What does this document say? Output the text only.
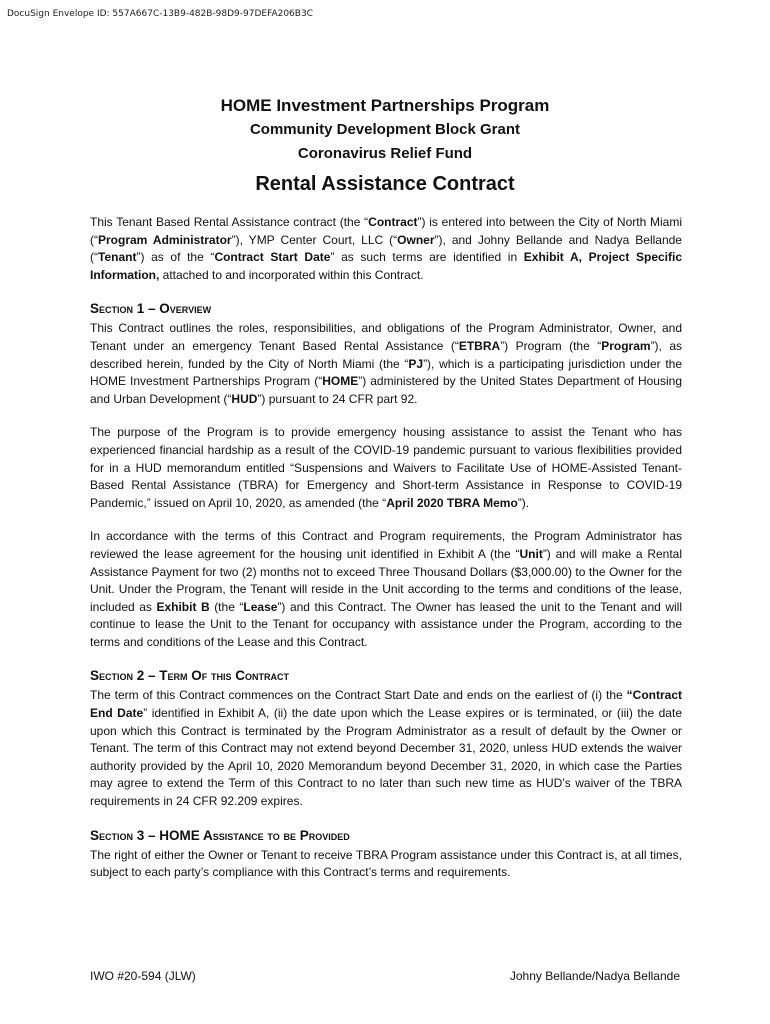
DocuSign Envelope ID: 557A667C-13B9-482B-98D9-97DEFA206B3C
HOME Investment Partnerships Program
Community Development Block Grant
Coronavirus Relief Fund
Rental Assistance Contract

This Tenant Based Rental Assistance contract (the “Contract”) is entered into between the City of North Miami (“Program Administrator”), YMP Center Court, LLC (“Owner”), and Johny Bellande and Nadya Bellande (“Tenant”) as of the “Contract Start Date” as such terms are identified in Exhibit A, Project Specific Information, attached to and incorporated within this Contract.

Section 1 – Overview

This Contract outlines the roles, responsibilities, and obligations of the Program Administrator, Owner, and Tenant under an emergency Tenant Based Rental Assistance (“ETBRA”) Program (the “Program”), as described herein, funded by the City of North Miami (the “PJ”), which is a participating jurisdiction under the HOME Investment Partnerships Program (“HOME”) administered by the United States Department of Housing and Urban Development (“HUD”) pursuant to 24 CFR part 92.

The purpose of the Program is to provide emergency housing assistance to assist the Tenant who has experienced financial hardship as a result of the COVID-19 pandemic pursuant to various flexibilities provided for in a HUD memorandum entitled “Suspensions and Waivers to Facilitate Use of HOME-Assisted Tenant-Based Rental Assistance (TBRA) for Emergency and Short-term Assistance in Response to COVID-19 Pandemic,” issued on April 10, 2020, as amended (the “April 2020 TBRA Memo”).

In accordance with the terms of this Contract and Program requirements, the Program Administrator has reviewed the lease agreement for the housing unit identified in Exhibit A (the “Unit”) and will make a Rental Assistance Payment for two (2) months not to exceed Three Thousand Dollars ($3,000.00) to the Owner for the Unit. Under the Program, the Tenant will reside in the Unit according to the terms and conditions of the lease, included as Exhibit B (the “Lease”) and this Contract. The Owner has leased the unit to the Tenant and will continue to lease the Unit to the Tenant for occupancy with assistance under the Program, according to the terms and conditions of the Lease and this Contract.

Section 2 – Term Of this Contract

The term of this Contract commences on the Contract Start Date and ends on the earliest of (i) the “Contract End Date” identified in Exhibit A, (ii) the date upon which the Lease expires or is terminated, or (iii) the date upon which this Contract is terminated by the Program Administrator as a result of default by the Owner or Tenant. The term of this Contract may not extend beyond December 31, 2020, unless HUD extends the waiver authority provided by the April 10, 2020 Memorandum beyond December 31, 2020, in which case the Parties may agree to extend the Term of this Contract to no later than such new time as HUD’s waiver of the TBRA requirements in 24 CFR 92.209 expires.

Section 3 – HOME Assistance to be Provided

The right of either the Owner or Tenant to receive TBRA Program assistance under this Contract is, at all times, subject to each party’s compliance with this Contract’s terms and requirements.

IWO #20-594 (JLW)	Johny Bellande/Nadya Bellande
